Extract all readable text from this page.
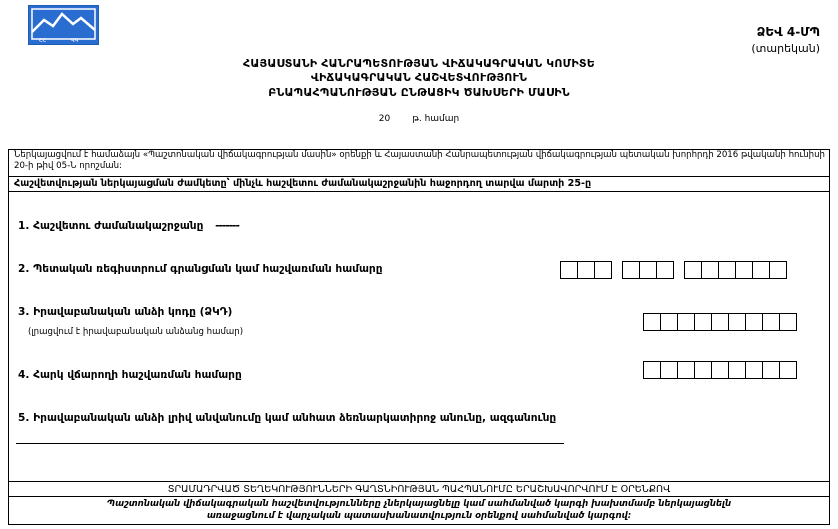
ՀՀ	ՎԿ
ՁԵՎ 4-ՄՊ
(տարեկան)
ՀԱՅԱՍՏԱՆԻ ՀԱՆՐԱՊԵՏՈՒԹՅԱՆ ՎԻՃԱԿԱԳՐԱԿԱՆ ԿՈՄԻՏԵ
ՎԻՃԱԿԱԳՐԱԿԱՆ ՀԱՇՎԵՏՎՈՒԹՅՈՒՆ
ԲՆԱՊԱՀՊԱՆՈՒԹՅԱՆ ԸՆԹԱՑԻԿ ԾԱԽՍԵՐԻ ՄԱՍԻՆ
20 թ. համար
Ներկայացվում է համաձայն «Պաշտոնական վիճակագրության մասին» օրենքի և Հայաստանի Հանրապետության վիճակագրության պետական խորհրդի 2016 թվականի հունիսի 20-ի թիվ 05-Ն որոշման:
Հաշվետվության ներկայացման ժամկետը՝ մինչև հաշվետու ժամանակաշրջանին հաջորդող տարվա մարտի 25-ը
1. Հաշվետու ժամանակաշրջանը -------
2. Պետական ռեգիստրում գրանցման կամ հաշվառման համարը
3. Իրավաբանական անձի կոդը (ՁԿԴ)
(լրացվում է իրավաբանական անձանց համար)
4. Հարկ վճարողի հաշվառման համարը
5. Իրավաբանական անձի լրիվ անվանումը կամ անհատ ձեռնարկատիրոջ անունը, ազգանունը
ՏՐԱՄԱԴՐՎԱԾ ՏԵՂԵԿՈՒԹՅՈՒՆՆԵՐԻ ԳԱՂՏՆԻՈՒԹՅԱՆ ՊԱՀՊԱՆՈՒՄԸ ԵՐԱՇԽԱՎՈՐՎՈՒՄ Է ՕՐԵՆՔՈՎ
Պաշտոնական վիճակագրական հաշվետվությունները չներկայացնելը կամ սահմանված կարգի խախտմամբ ներկայացնելն
առաջացնում է վարչական պատասխանատվություն օրենքով սահմանված կարգով:
